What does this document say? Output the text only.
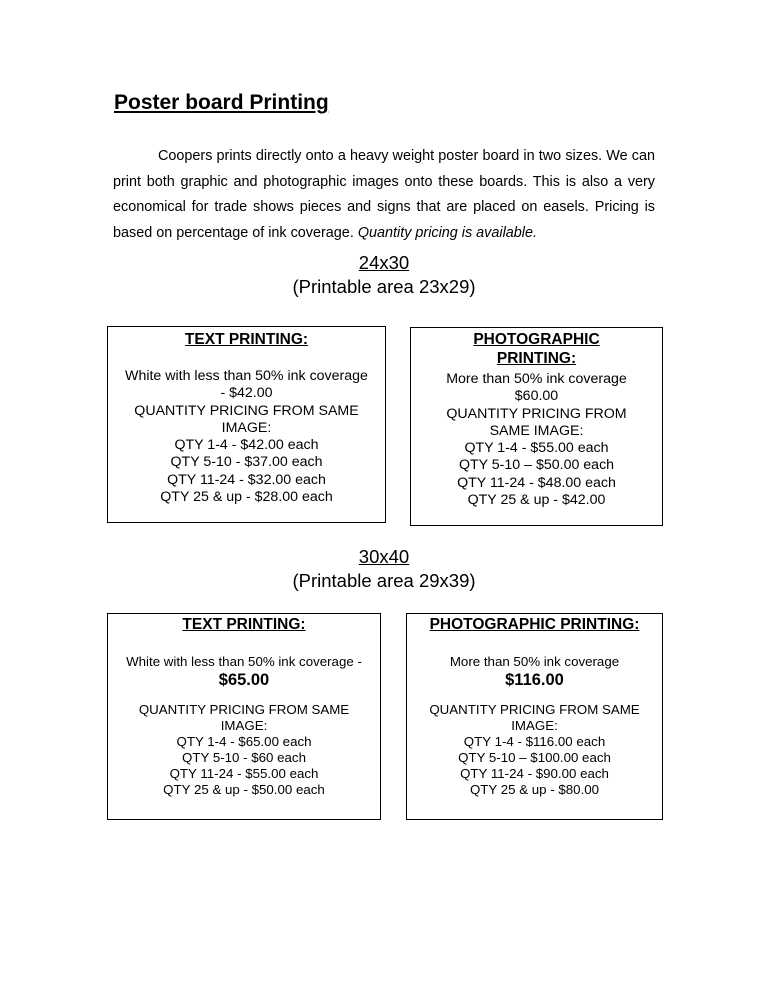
Poster board Printing

Coopers prints directly onto a heavy weight poster board in two sizes. We can print both graphic and photographic images onto these boards. This is also a very economical for trade shows pieces and signs that are placed on easels. Pricing is based on percentage of ink coverage. Quantity pricing is available.

24x30
(Printable area 23x29)
TEXT PRINTING:
White with less than 50% ink coverage
- $42.00
QUANTITY PRICING FROM SAME
IMAGE:
QTY 1-4 - $42.00 each
QTY 5-10 - $37.00 each
QTY 11-24 - $32.00 each
QTY 25 & up - $28.00 each
PHOTOGRAPHIC
PRINTING:
More than 50% ink coverage
$60.00
QUANTITY PRICING FROM
SAME IMAGE:
QTY 1-4 - $55.00 each
QTY 5-10 – $50.00 each
QTY 11-24 - $48.00 each
QTY 25 & up - $42.00
30x40
(Printable area 29x39)
TEXT PRINTING:
White with less than 50% ink coverage -
$65.00
QUANTITY PRICING FROM SAME
IMAGE:
QTY 1-4 - $65.00 each
QTY 5-10 - $60 each
QTY 11-24 - $55.00 each
QTY 25 & up - $50.00 each
PHOTOGRAPHIC PRINTING:
More than 50% ink coverage
$116.00
QUANTITY PRICING FROM SAME
IMAGE:
QTY 1-4 - $116.00 each
QTY 5-10 – $100.00 each
QTY 11-24 - $90.00 each
QTY 25 & up - $80.00
